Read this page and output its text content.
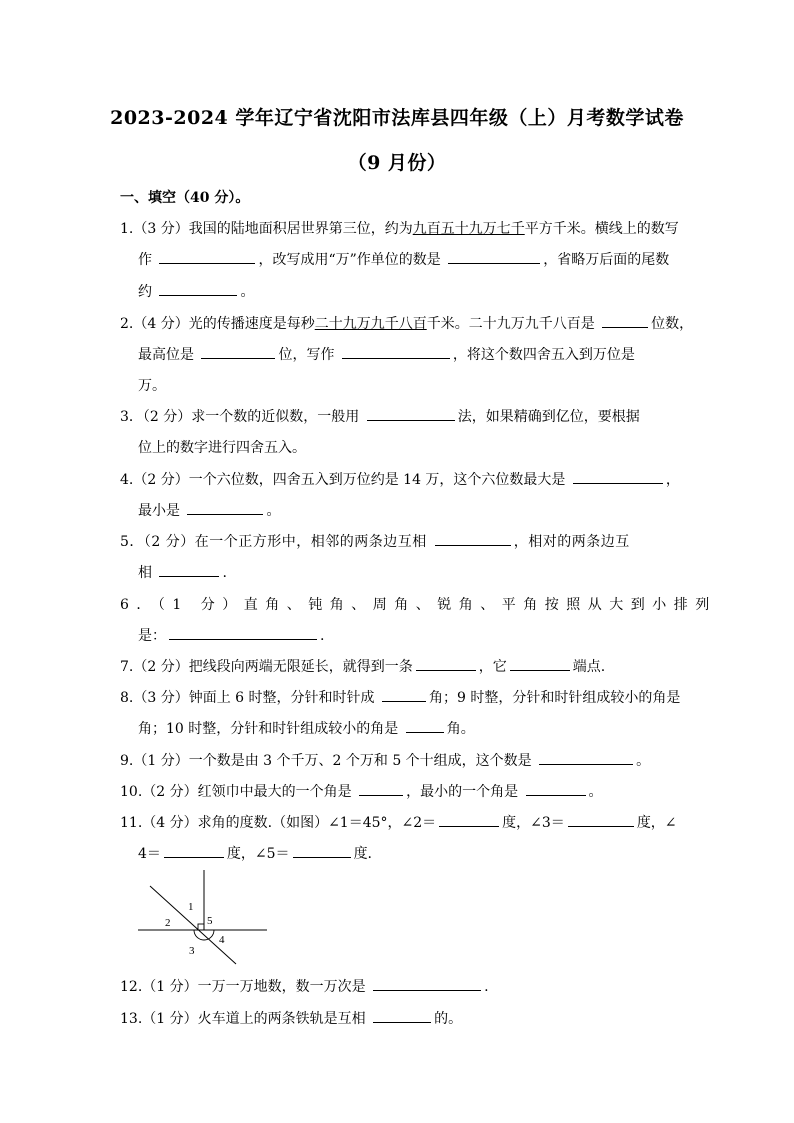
2023-2024 学年辽宁省沈阳市法库县四年级（上）月考数学试卷
（9 月份）
一、填空（40 分）。
1.（3 分）我国的陆地面积居世界第三位，约为九百五十九万七千平方千米。横线上的数写
作	，改写成用“万”作单位的数是	，省略万后面的尾数
约	。
2.（4 分）光的传播速度是每秒二十九万九千八百千米。二十九万九千八百是	位数，
最高位是	位，写作	，将这个数四舍五入到万位是
万。
3．（2 分）求一个数的近似数，一般用	法，如果精确到亿位，要根据
位上的数字进行四舍五入。
4.（2 分）一个六位数，四舍五入到万位约是 14 万，这个六位数最大是	，
最小是	。
5．（2 分）在一个正方形中，相邻的两条边互相	，相对的两条边互
相	.
6．（1 分）直角、钝角、周角、锐角、平角按照从大到小排列
是：	.
7.（2 分）把线段向两端无限延长，就得到一条	，它	端点.
8.（3 分）钟面上 6 时整，分针和时针成	角；9 时整，分针和时针组成较小的角是
角；10 时整，分针和时针组成较小的角是	角。
9.（1 分）一个数是由 3 个千万、2 个万和 5 个十组成，这个数是	。
10.（2 分）红领巾中最大的一个角是	，最小的一个角是	。
11.（4 分）求角的度数.（如图）∠1＝45°，∠2＝	度，∠3＝	度，∠
4＝	度，∠5＝	度.
1
2	5
4
3
12.（1 分）一万一万地数，数一万次是	.
13.（1 分）火车道上的两条铁轨是互相	的。
